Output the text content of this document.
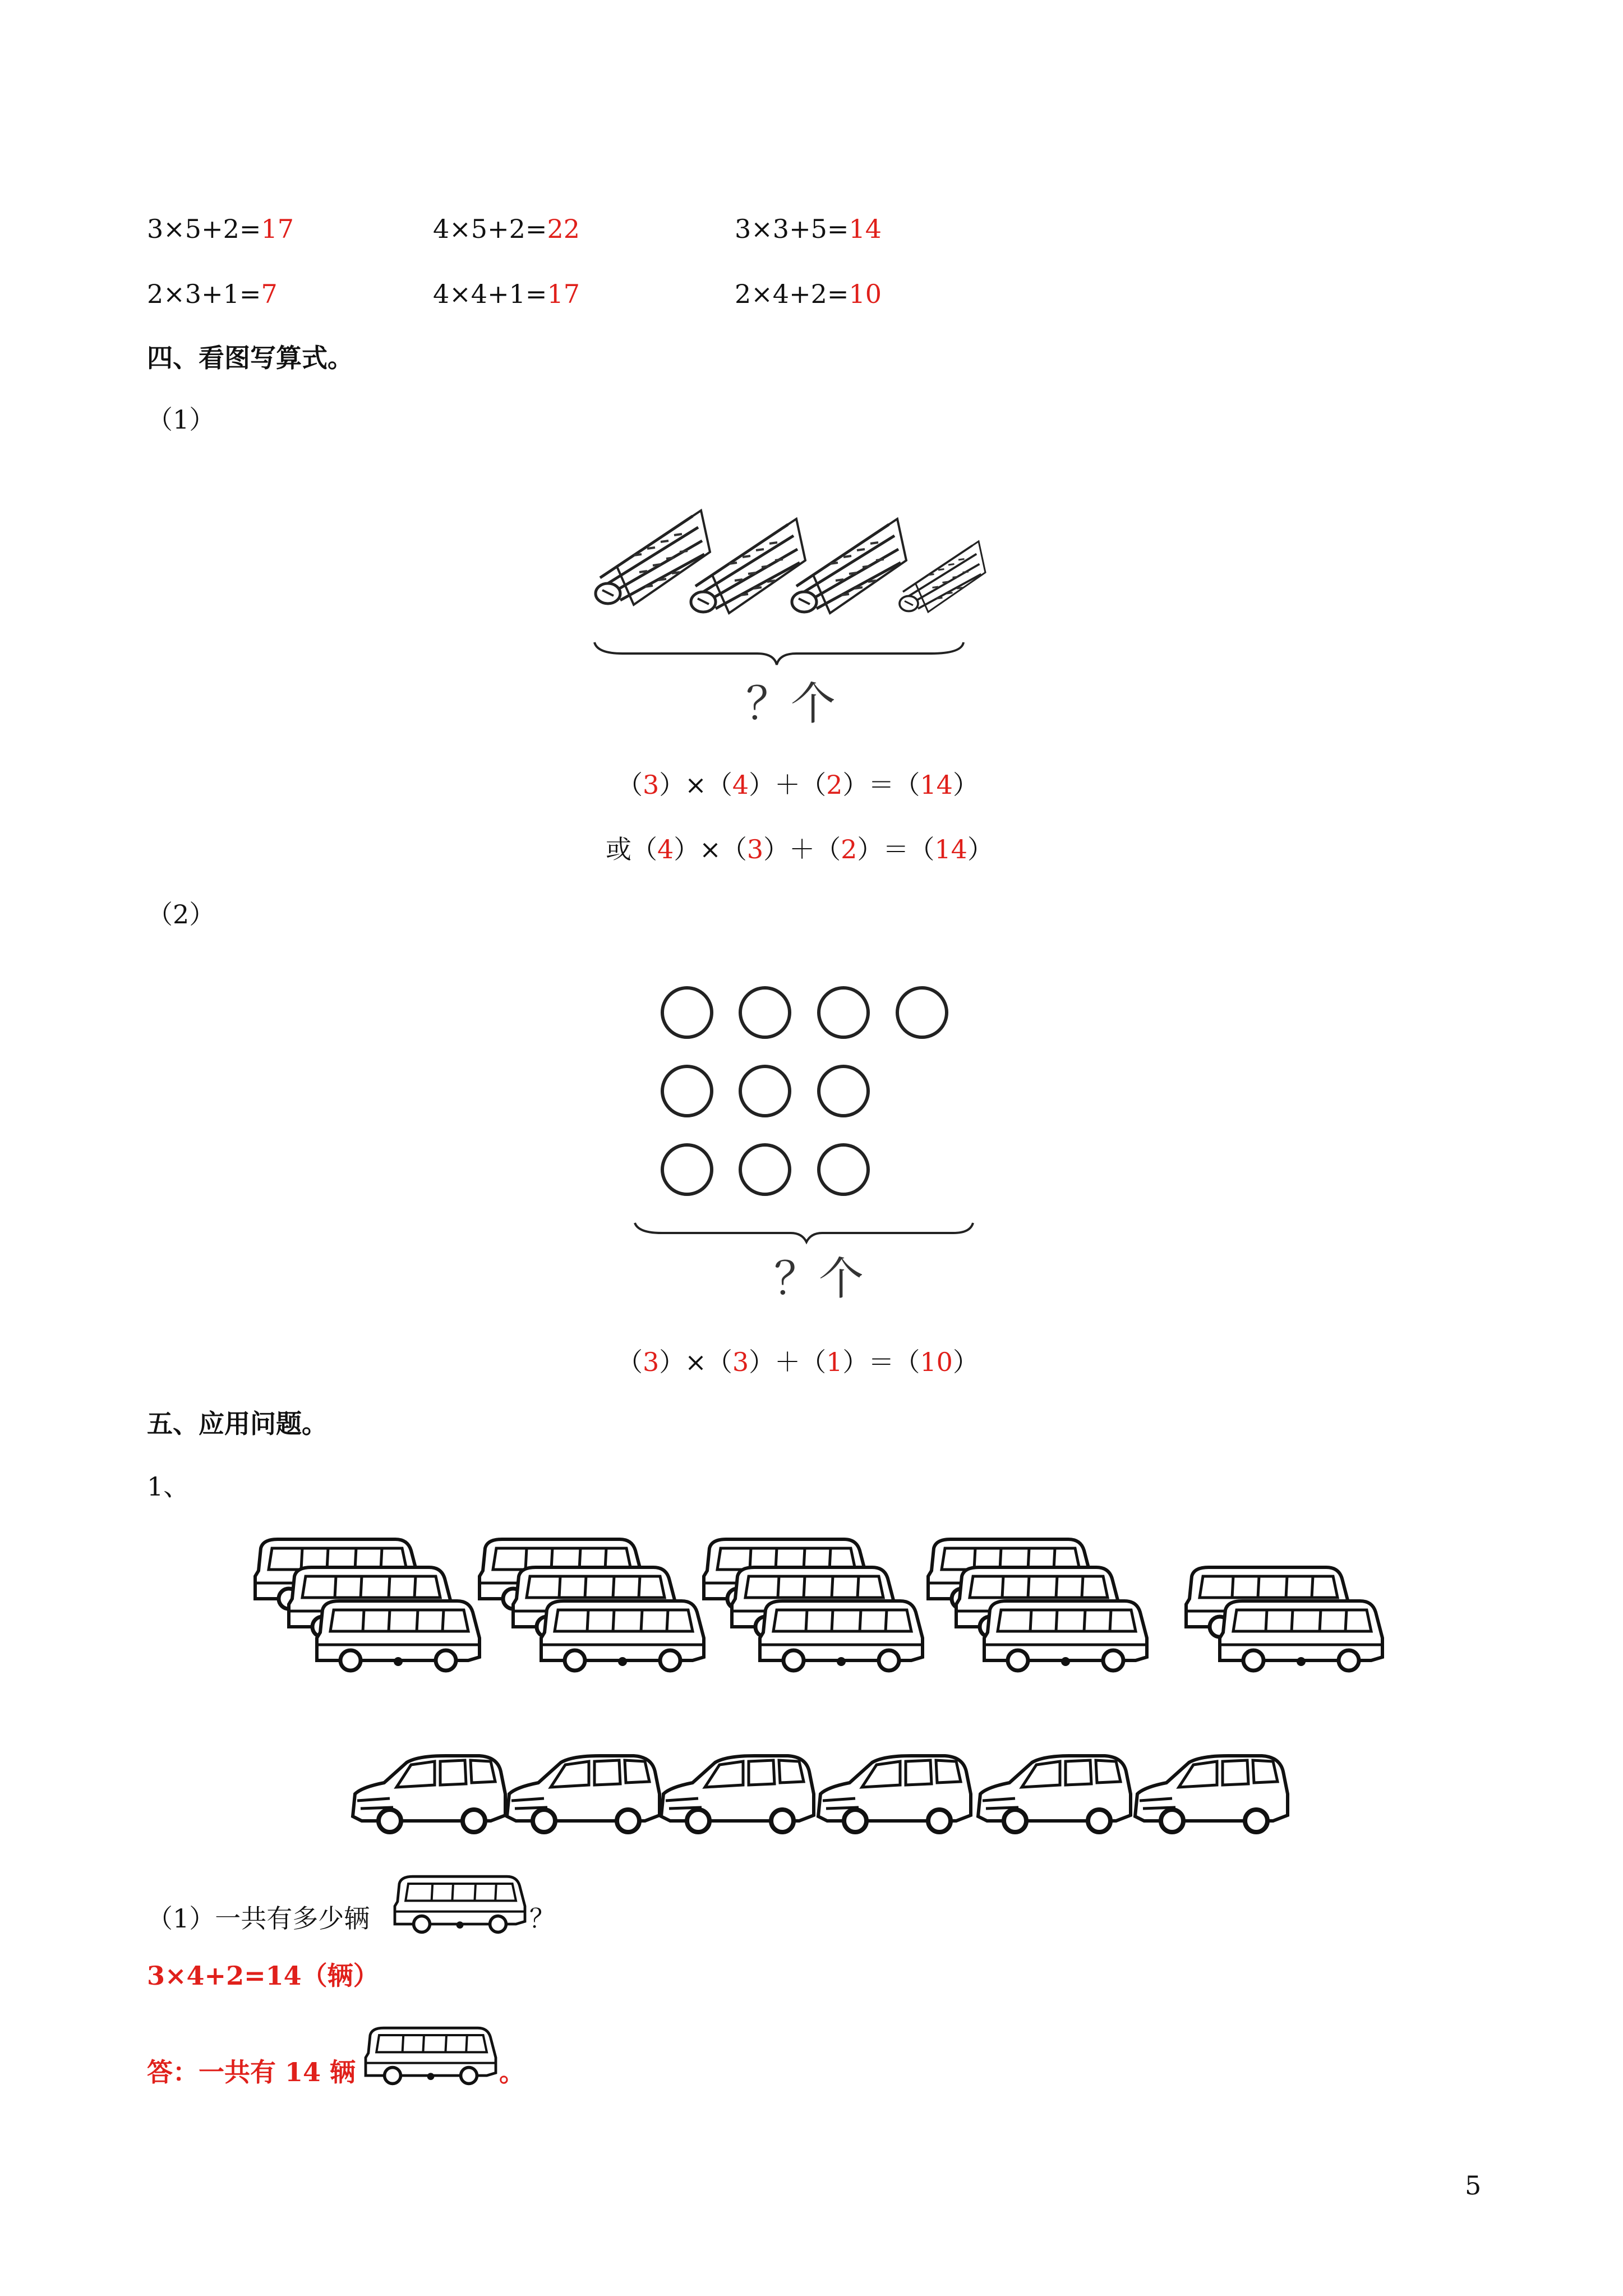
3×5+2=17	4×5+2=22	3×3+5=14
2×3+1=7	4×4+1=17	2×4+2=10
四、看图写算式。
（1）
？个
（3）×（4）＋（2）＝（14）
或（4）×（3）＋（2）＝（14）
（2）
？个
（3）×（3）＋（1）＝（10）
五、应用问题。
1、
（1）一共有多少辆	？
3×4+2=14（辆）
答：一共有 14 辆	。
5
